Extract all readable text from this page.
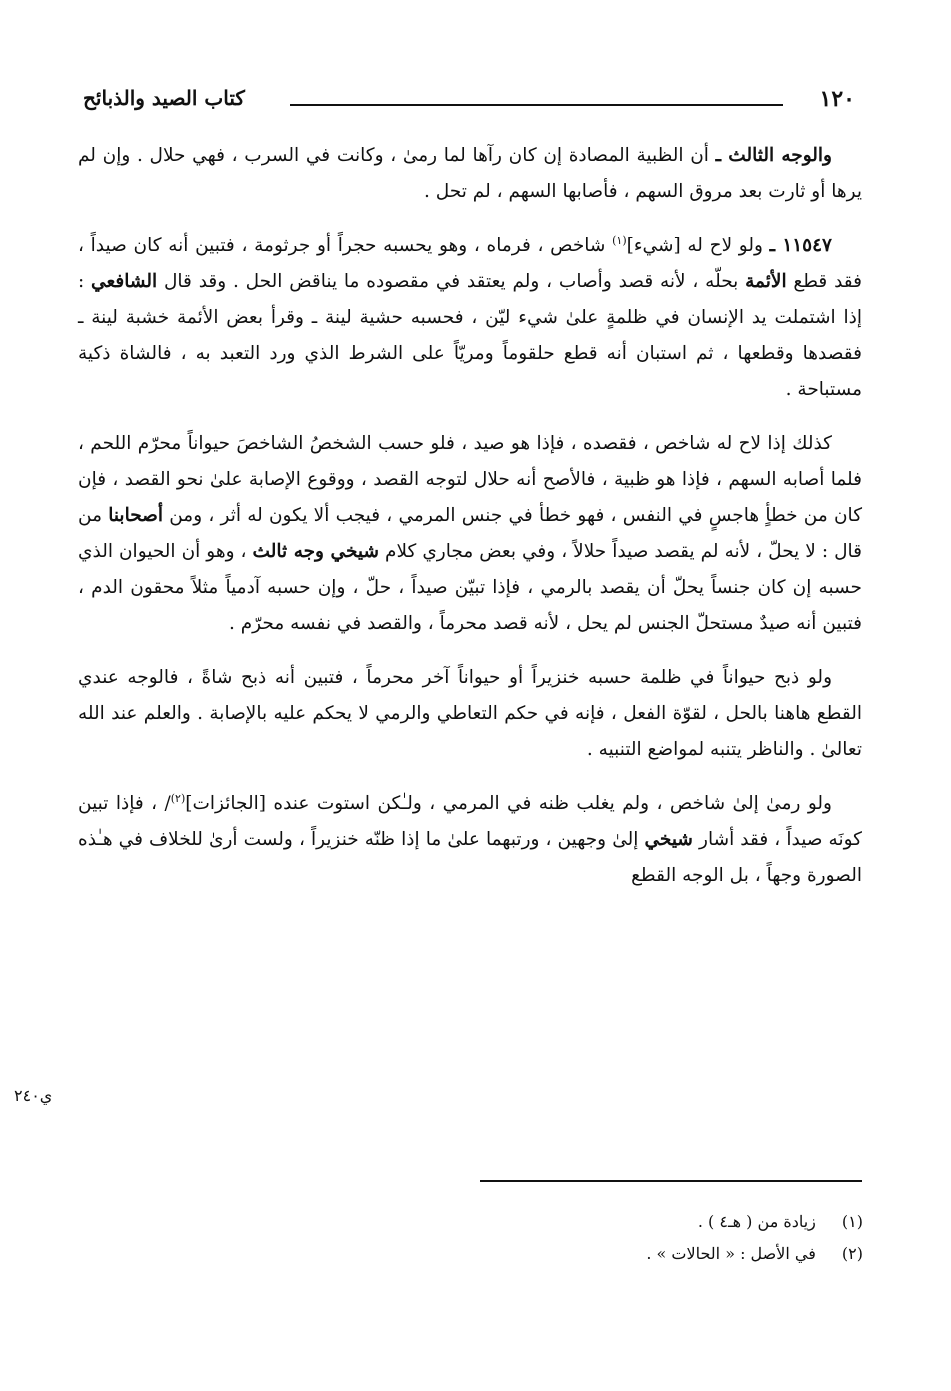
١٢٠
كتاب الصيد والذبائح
ي٢٤٠

والوجه الثالث ـ أن الظبية المصادة إن كان رآها لما رمىٰ ، وكانت في السرب ، فهي حلال . وإن لم يرها أو ثارت بعد مروق السهم ، فأصابها السهم ، لم تحل .

١١٥٤٧ ـ ولو لاح له [شيء]$^{(١)}$ شاخص ، فرماه ، وهو يحسبه حجراً أو جرثومة ، فتبين أنه كان صيداً ، فقد قطع الأئمة بحلّه ، لأنه قصد وأصاب ، ولم يعتقد في مقصوده ما يناقض الحل . وقد قال الشافعي : إذا اشتملت يد الإنسان في ظلمةٍ علىٰ شيء ليّن ، فحسبه حشية لينة ـ وقرأ بعض الأئمة خشبة لينة ـ فقصدها وقطعها ، ثم استبان أنه قطع حلقوماً ومريّاً على الشرط الذي ورد التعبد به ، فالشاة ذكية مستباحة .

كذلك إذا لاح له شاخص ، فقصده ، فإذا هو صيد ، فلو حسب الشخصُ الشاخصَ حيواناً محرّم اللحم ، فلما أصابه السهم ، فإذا هو ظبية ، فالأصح أنه حلال لتوجه القصد ، ووقوع الإصابة علىٰ نحو القصد ، فإن كان من خطأٍ هاجسٍ في النفس ، فهو خطأ في جنس المرمي ، فيجب ألا يكون له أثر ، ومن أصحابنا من قال : لا يحلّ ، لأنه لم يقصد صيداً حلالاً ، وفي بعض مجاري كلام شيخي وجه ثالث ، وهو أن الحيوان الذي حسبه إن كان جنساً يحلّ أن يقصد بالرمي ، فإذا تبيّن صيداً ، حلّ ، وإن حسبه آدمياً مثلاً محقون الدم ، فتبين أنه صيدٌ مستحلّ الجنس لم يحل ، لأنه قصد محرماً ، والقصد في نفسه محرّم .

ولو ذبح حيواناً في ظلمة حسبه خنزيراً أو حيواناً آخر محرماً ، فتبين أنه ذبح شاةً ، فالوجه عندي القطع هاهنا بالحل ، لقوّة الفعل ، فإنه في حكم التعاطي والرمي لا يحكم عليه بالإصابة . والعلم عند الله تعالىٰ . والناظر يتنبه لمواضع التنبيه .

ولو رمىٰ إلىٰ شاخص ، ولم يغلب ظنه في المرمي ، ولـٰكن استوت عنده [الجائزات]$^{(٢)}$/ ، فإذا تبين كونَه صيداً ، فقد أشار شيخي إلىٰ وجهين ، ورتبهما علىٰ ما إذا ظنّه خنزيراً ، ولست أرىٰ للخلاف في هـٰذه الصورة وجهاً ، بل الوجه القطع

(١) زيادة من ( هـ٤ ) .

(٢) في الأصل : « الحالات » .
